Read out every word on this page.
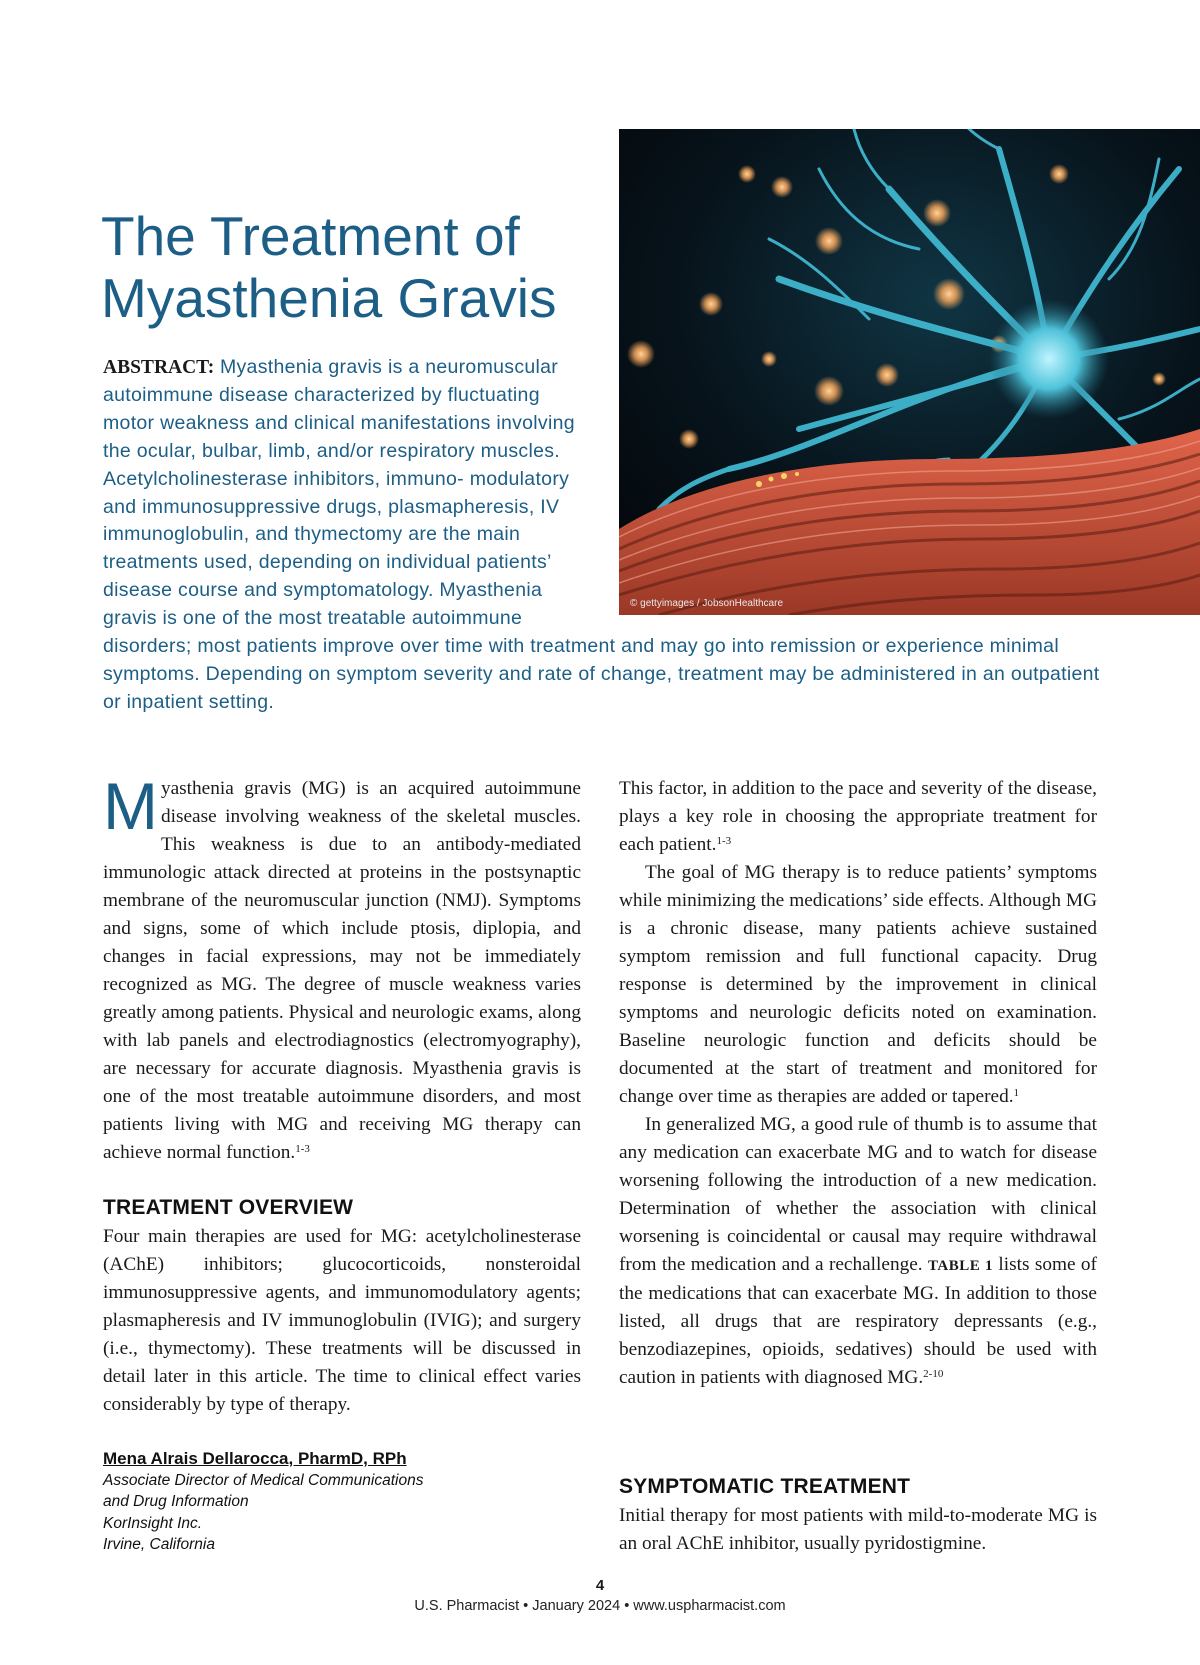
The Treatment of
Myasthenia Gravis
© gettyimages / JobsonHealthcare
ABSTRACT: Myasthenia gravis is a neuromuscular autoimmune disease characterized by fluctuating motor weakness and clinical manifestations involving the ocular, bulbar, limb, and/or respiratory muscles. Acetylcholinesterase inhibitors, immuno- modulatory and immunosuppressive drugs, plasmapheresis, IV immunoglobulin, and thymectomy are the main treatments used, depending on individual patients’ disease course and symptomatology. Myasthenia gravis is one of the most treatable autoimmune disorders; most patients improve over time with treatment and may go into remission or experience minimal symptoms. Depending on symptom severity and rate of change, treatment may be administered in an outpatient or inpatient setting.

Myasthenia gravis (MG) is an acquired autoimmune disease involving weakness of the skeletal muscles. This weakness is due to an antibody-mediated immunologic attack directed at proteins in the postsynaptic membrane of the neuromuscular junction (NMJ). Symptoms and signs, some of which include ptosis, diplopia, and changes in facial expressions, may not be immediately recognized as MG. The degree of muscle weakness varies greatly among patients. Physical and neurologic exams, along with lab panels and electrodiagnostics (electromyography), are necessary for accurate diagnosis. Myasthenia gravis is one of the most treatable autoimmune disorders, and most patients living with MG and receiving MG therapy can achieve normal function.$^{1-3}$

TREATMENT OVERVIEW

Four main therapies are used for MG: acetylcholinesterase (AChE) inhibitors; glucocorticoids, nonsteroidal immunosuppressive agents, and immunomodulatory agents; plasmapheresis and IV immunoglobulin (IVIG); and surgery (i.e., thymectomy). These treatments will be discussed in detail later in this article. The time to clinical effect varies considerably by type of therapy.

Mena Alrais Dellarocca, PharmD, RPh
Associate Director of Medical Communications
and Drug Information
KorInsight Inc.
Irvine, California

This factor, in addition to the pace and severity of the disease, plays a key role in choosing the appropriate treatment for each patient.$^{1-3}$

The goal of MG therapy is to reduce patients’ symptoms while minimizing the medications’ side effects. Although MG is a chronic disease, many patients achieve sustained symptom remission and full functional capacity. Drug response is determined by the improvement in clinical symptoms and neurologic deficits noted on examination. Baseline neurologic function and deficits should be documented at the start of treatment and monitored for change over time as therapies are added or tapered.$^1$

In generalized MG, a good rule of thumb is to assume that any medication can exacerbate MG and to watch for disease worsening following the introduction of a new medication. Determination of whether the association with clinical worsening is coincidental or causal may require withdrawal from the medication and a rechallenge. TABLE 1 lists some of the medications that can exacerbate MG. In addition to those listed, all drugs that are respiratory depressants (e.g., benzodiazepines, opioids, sedatives) should be used with caution in patients with diagnosed MG.$^{2-10}$

SYMPTOMATIC TREATMENT

Initial therapy for most patients with mild-to-moderate MG is an oral AChE inhibitor, usually pyridostigmine.

4
U.S. Pharmacist • January 2024 • www.uspharmacist.com
